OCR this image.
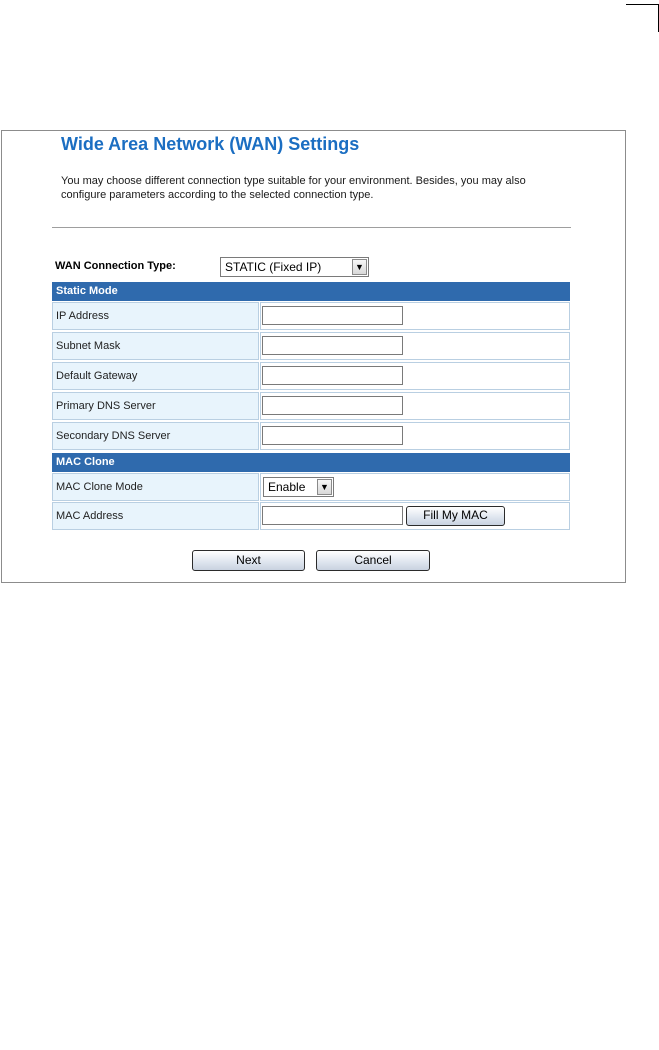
Wide Area Network (WAN) Settings
You may choose different connection type suitable for your environment. Besides, you may also configure parameters according to the selected connection type.
WAN Connection Type:	STATIC (Fixed IP)	▼
Static Mode
IP Address
Subnet Mask
Default Gateway
Primary DNS Server
Secondary DNS Server
MAC Clone
MAC Clone Mode	Enable	▼
MAC Address	Fill My MAC
Next	Cancel
